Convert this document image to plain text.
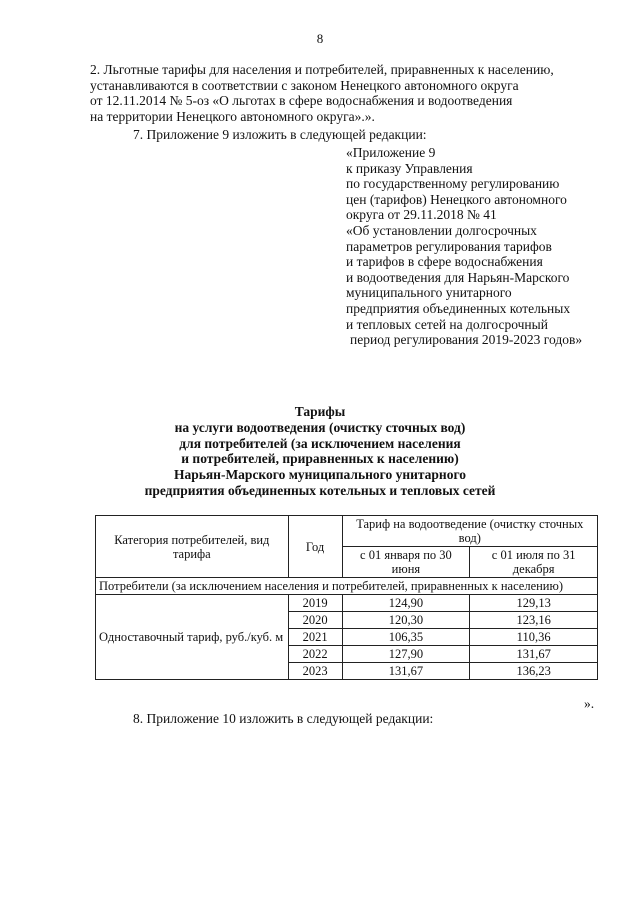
8
2. Льготные тарифы для населения и потребителей, приравненных к населению,
устанавливаются в соответствии с законом Ненецкого автономного округа
от 12.11.2014 № 5-оз «О льготах в сфере водоснабжения и водоотведения
на территории Ненецкого автономного округа».».
7. Приложение 9 изложить в следующей редакции:
«Приложение 9
к приказу Управления
по государственному регулированию
цен (тарифов) Ненецкого автономного
округа от 29.11.2018 № 41
«Об установлении долгосрочных
параметров регулирования тарифов
и тарифов в сфере водоснабжения
и водоотведения для Нарьян-Марского
муниципального унитарного
предприятия объединенных котельных
и тепловых сетей на долгосрочный
период регулирования 2019-2023 годов»
Тарифы
на услуги водоотведения (очистку сточных вод)
для потребителей (за исключением населения
и потребителей, приравненных к населению)
Нарьян-Марского муниципального унитарного
предприятия объединенных котельных и тепловых сетей
Категория потребителей, вид тарифа	Год	Тариф на водоотведение (очистку сточных вод)	
		с 01 января по 30 июня	с 01 июля по 31 декабря
Потребители (за исключением населения и потребителей, приравненных к населению)			
Одноставочный тариф, руб./куб. м	2019	124,90	129,13
	2020	120,30	123,16
	2021	106,35	110,36
	2022	127,90	131,67
	2023	131,67	136,23
».
8. Приложение 10 изложить в следующей редакции:
